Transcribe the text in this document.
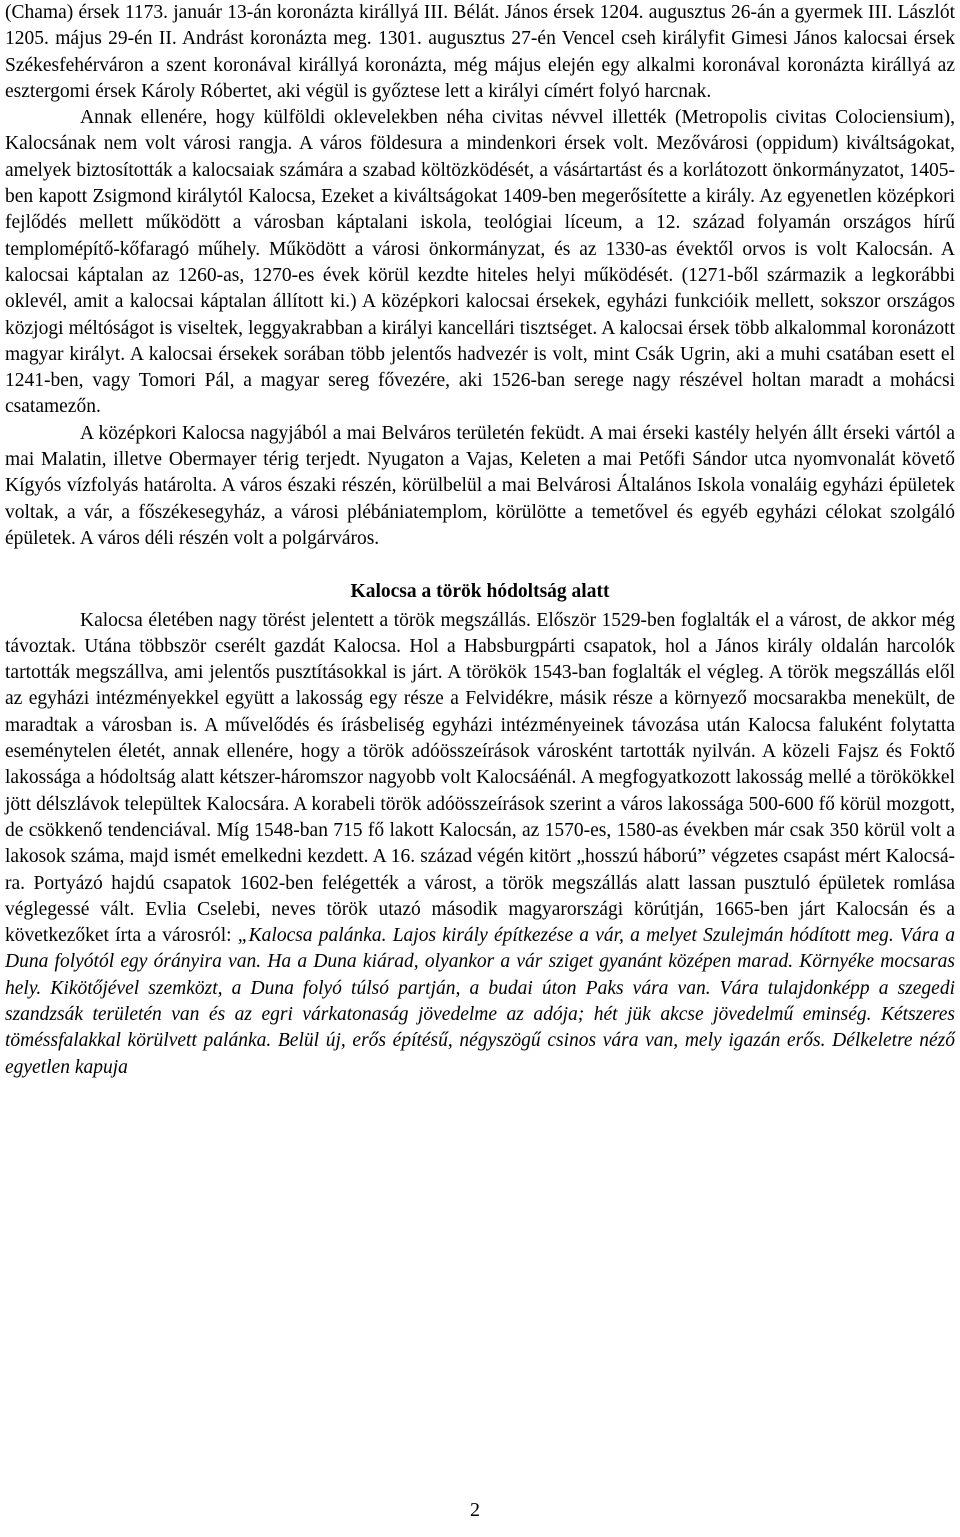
(Chama) érsek 1173. január 13-án koronázta királlyá III. Bélát. János érsek 1204. augusztus 26-án a gyermek III. Lászlót 1205. május 29-én II. Andrást koronázta meg. 1301. augusztus 27-én Vencel cseh királyfit Gimesi János kalocsai érsek Székesfehérváron a szent koronával királlyá koronázta, még május elején egy alkalmi koronával koronázta királlyá az esztergomi érsek Károly Róbertet, aki végül is győztese lett a királyi címért folyó harcnak.

Annak ellenére, hogy külföldi oklevelekben néha civitas névvel illették (Metropolis civitas Colociensium), Kalocsának nem volt városi rangja. A város földesura a mindenkori érsek volt. Mezővárosi (oppidum) kiváltságokat, amelyek biztosították a kalocsaiak számára a szabad költözködését, a vásártartást és a korlátozott önkormányzatot, 1405-ben kapott Zsigmond királytól Kalocsa, Ezeket a kiváltságokat 1409-ben megerősítette a király. Az egyenetlen középkori fejlődés mellett működött a városban káptalani iskola, teológiai líceum, a 12. század folyamán országos hírű templomépítő-kőfaragó műhely. Működött a városi önkormányzat, és az 1330-as évektől orvos is volt Kalocsán. A kalocsai káptalan az 1260-as, 1270-es évek körül kezdte hiteles helyi működését. (1271-ből származik a legkorábbi oklevél, amit a kalocsai káptalan állított ki.) A középkori kalocsai érsekek, egyházi funkcióik mellett, sokszor országos közjogi méltóságot is viseltek, leggyakrabban a királyi kancellári tisztséget. A kalocsai érsek több alkalommal koronázott magyar királyt. A kalocsai érsekek sorában több jelentős hadvezér is volt, mint Csák Ugrin, aki a muhi csatában esett el 1241-ben, vagy Tomori Pál, a magyar sereg fővezére, aki 1526-ban serege nagy részével holtan maradt a mohácsi csatamezőn.

A középkori Kalocsa nagyjából a mai Belváros területén feküdt. A mai érseki kastély helyén állt érseki vártól a mai Malatin, illetve Obermayer térig terjedt. Nyugaton a Vajas, Keleten a mai Petőfi Sándor utca nyomvonalát követő Kígyós vízfolyás határolta. A város északi részén, körülbelül a mai Belvárosi Általános Iskola vonaláig egyházi épületek voltak, a vár, a főszékesegyház, a városi plébániatemplom, körülötte a temetővel és egyéb egyházi célokat szolgáló épületek. A város déli részén volt a polgárváros.

Kalocsa a török hódoltság alatt

Kalocsa életében nagy törést jelentett a török megszállás. Először 1529-ben foglalták el a várost, de akkor még távoztak. Utána többször cserélt gazdát Kalocsa. Hol a Habsburgpárti csapatok, hol a János király oldalán harcolók tartották megszállva, ami jelentős pusztításokkal is járt. A törökök 1543-ban foglalták el végleg. A török megszállás elől az egyházi intézményekkel együtt a lakosság egy része a Felvidékre, másik része a környező mocsarakba menekült, de maradtak a városban is. A művelődés és írásbeliség egyházi intézményeinek távozása után Kalocsa faluként folytatta eseménytelen életét, annak ellenére, hogy a török adóösszeírások városként tartották nyilván. A közeli Fajsz és Foktő lakossága a hódoltság alatt kétszer-háromszor nagyobb volt Kalocsáénál. A megfogyatkozott lakosság mellé a törökökkel jött délszlávok települtek Kalocsára. A korabeli török adóösszeírások szerint a város lakossága 500-600 fő körül mozgott, de csökkenő tendenciával. Míg 1548-ban 715 fő lakott Kalocsán, az 1570-es, 1580-as években már csak 350 körül volt a lakosok száma, majd ismét emelkedni kezdett. A 16. század végén kitört „hosszú háború” végzetes csapást mért Kalocsára. Portyázó hajdú csapatok 1602-ben felégették a várost, a török megszállás alatt lassan pusztuló épületek romlása véglegessé vált. Evlia Cselebi, neves török utazó második magyarországi körútján, 1665-ben járt Kalocsán és a következőket írta a városról: „Kalocsa palánka. Lajos király építkezése a vár, a melyet Szulejmán hódított meg. Vára a Duna folyótól egy órányira van. Ha a Duna kiárad, olyankor a vár sziget gyanánt középen marad. Környéke mocsaras hely. Kikötőjével szemközt, a Duna folyó túlsó partján, a budai úton Paks vára van. Vára tulajdonképp a szegedi szandzsák területén van és az egri várkatonaság jövedelme az adója; hét jük akcse jövedelmű eminség. Kétszeres töméssfalakkal körülvett palánka. Belül új, erős építésű, négyszögű csinos vára van, mely igazán erős. Délkeletre néző egyetlen kapuja

2
